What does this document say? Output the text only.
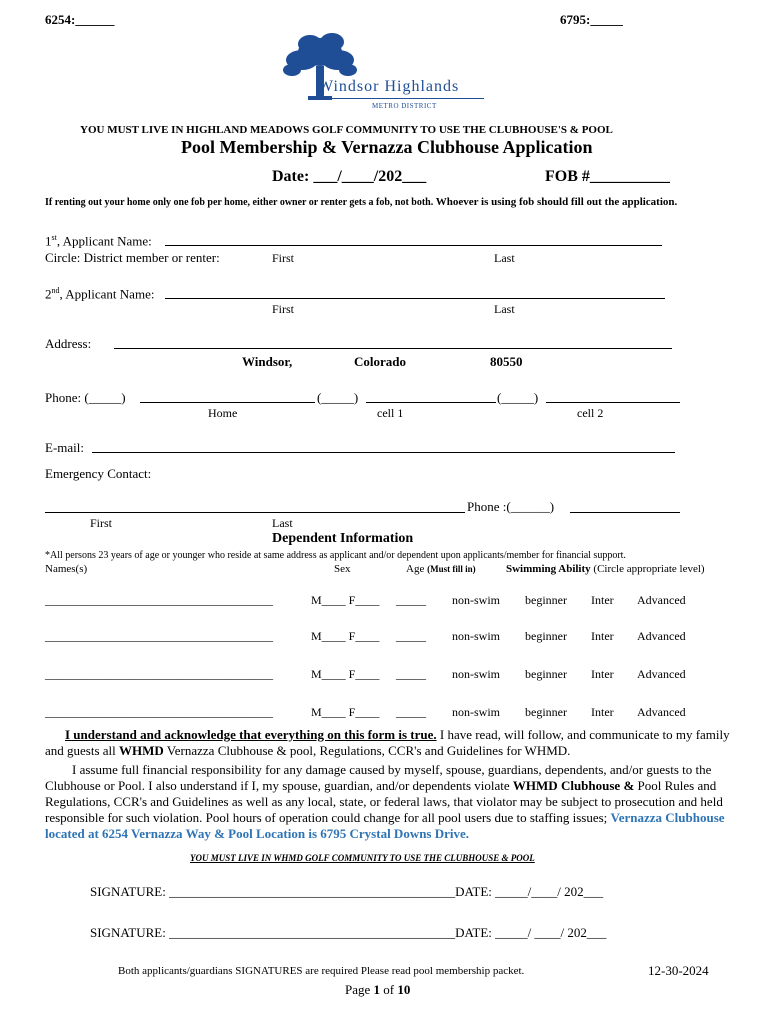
6254:______	6795:_____
Windsor Highlands
METRO DISTRICT
YOU MUST LIVE IN HIGHLAND MEADOWS GOLF COMMUNITY TO USE THE CLUBHOUSE'S & POOL
Pool Membership & Vernazza Clubhouse Application
Date: ___/____/202___	FOB #__________
If renting out your home only one fob per home, either owner or renter gets a fob, not both. Whoever is using fob should fill out the application.
1st, Applicant Name:
Circle: District member or renter:	First	Last
2nd, Applicant Name:
First	Last
Address:
Windsor,	Colorado	80550
Phone: (_____)	(_____)	(_____)
Home	cell 1	cell 2
E-mail:
Emergency Contact:
Phone :(______)
First	Last
Dependent Information
*All persons 23 years of age or younger who reside at same address as applicant and/or dependent upon applicants/member for financial support.
Names(s)	Sex	Age (Must fill in)	Swimming Ability (Circle appropriate level)
______________________________________	M____ F____ _____ non-swim beginner Inter Advanced
______________________________________	M____ F____ _____ non-swim beginner Inter Advanced
______________________________________	M____ F____ _____ non-swim beginner Inter Advanced
______________________________________	M____ F____ _____ non-swim beginner Inter Advanced
I understand and acknowledge that everything on this form is true. I have read, will follow, and communicate to my family and guests all WHMD Vernazza Clubhouse & pool, Regulations, CCR's and Guidelines for WHMD.
I assume full financial responsibility for any damage caused by myself, spouse, guardians, dependents, and/or guests to the Clubhouse or Pool. I also understand if I, my spouse, guardian, and/or dependents violate WHMD Clubhouse & Pool Rules and Regulations, CCR's and Guidelines as well as any local, state, or federal laws, that violator may be subject to prosecution and held responsible for such violation. Pool hours of operation could change for all pool users due to staffing issues; Vernazza Clubhouse located at 6254 Vernazza Way & Pool Location is 6795 Crystal Downs Drive.
YOU MUST LIVE IN WHMD GOLF COMMUNITY TO USE THE CLUBHOUSE & POOL
SIGNATURE: ____________________________________________DATE: _____/____/ 202___
SIGNATURE: ____________________________________________DATE: _____/ ____/ 202___
Both applicants/guardians SIGNATURES are required Please read pool membership packet.	12-30-2024
Page 1 of 10
